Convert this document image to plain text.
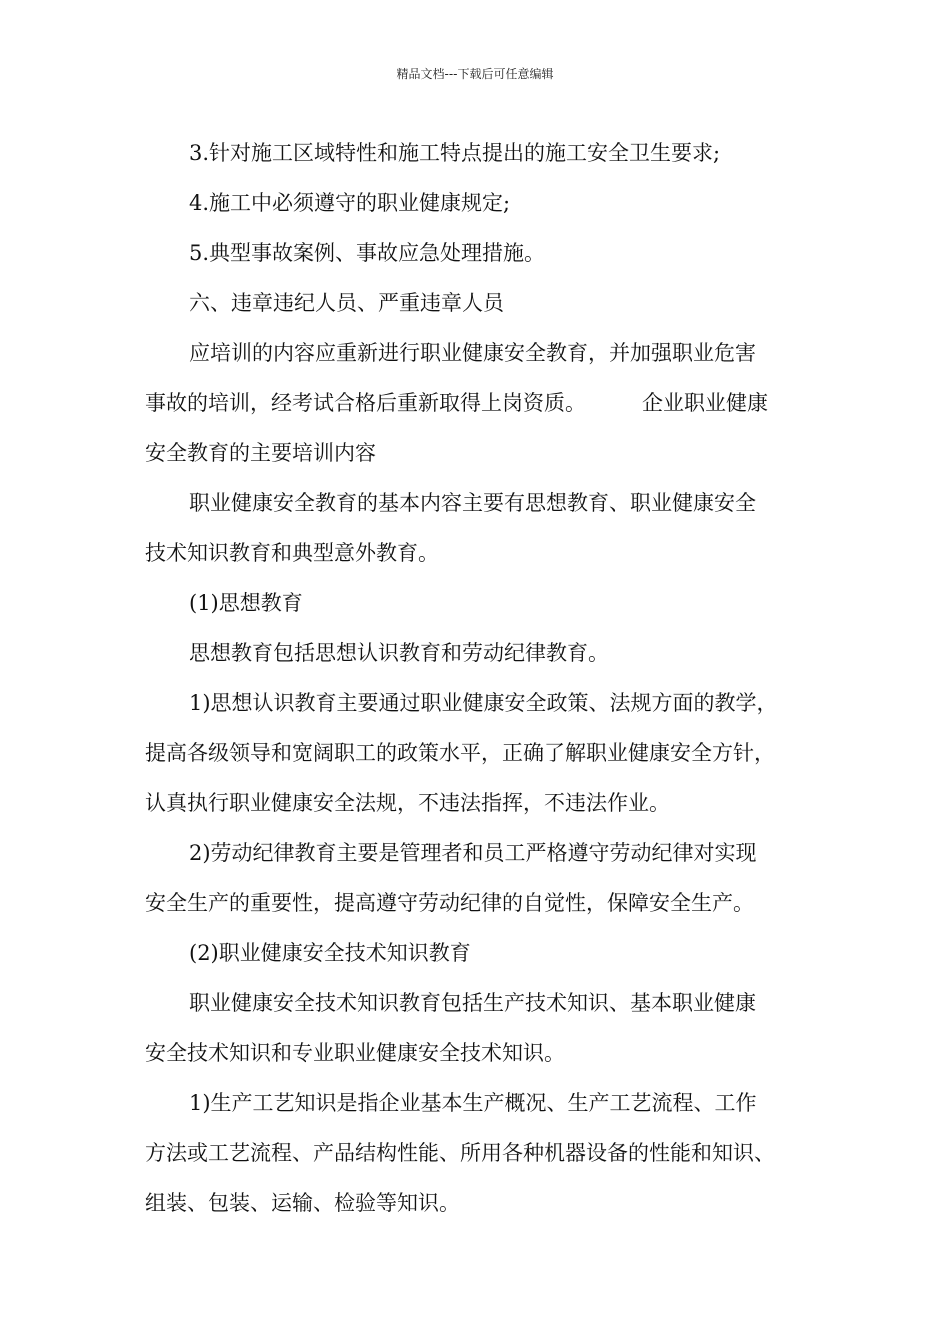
精品文档---下载后可任意编辑
3.针对施工区域特性和施工特点提出的施工安全卫生要求;
4.施工中必须遵守的职业健康规定;
5.典型事故案例、事故应急处理措施。
六、违章违纪人员、严重违章人员
应培训的内容应重新进行职业健康安全教育，并加强职业危害
事故的培训，经考试合格后重新取得上岗资质。	企业职业健康
安全教育的主要培训内容
职业健康安全教育的基本内容主要有思想教育、职业健康安全
技术知识教育和典型意外教育。
(1)思想教育
思想教育包括思想认识教育和劳动纪律教育。
1)思想认识教育主要通过职业健康安全政策、法规方面的教学，
提高各级领导和宽阔职工的政策水平，正确了解职业健康安全方针，
认真执行职业健康安全法规，不违法指挥，不违法作业。
2)劳动纪律教育主要是管理者和员工严格遵守劳动纪律对实现
安全生产的重要性，提高遵守劳动纪律的自觉性，保障安全生产。
(2)职业健康安全技术知识教育
职业健康安全技术知识教育包括生产技术知识、基本职业健康
安全技术知识和专业职业健康安全技术知识。
1)生产工艺知识是指企业基本生产概况、生产工艺流程、工作
方法或工艺流程、产品结构性能、所用各种机器设备的性能和知识、
组装、包装、运输、检验等知识。
